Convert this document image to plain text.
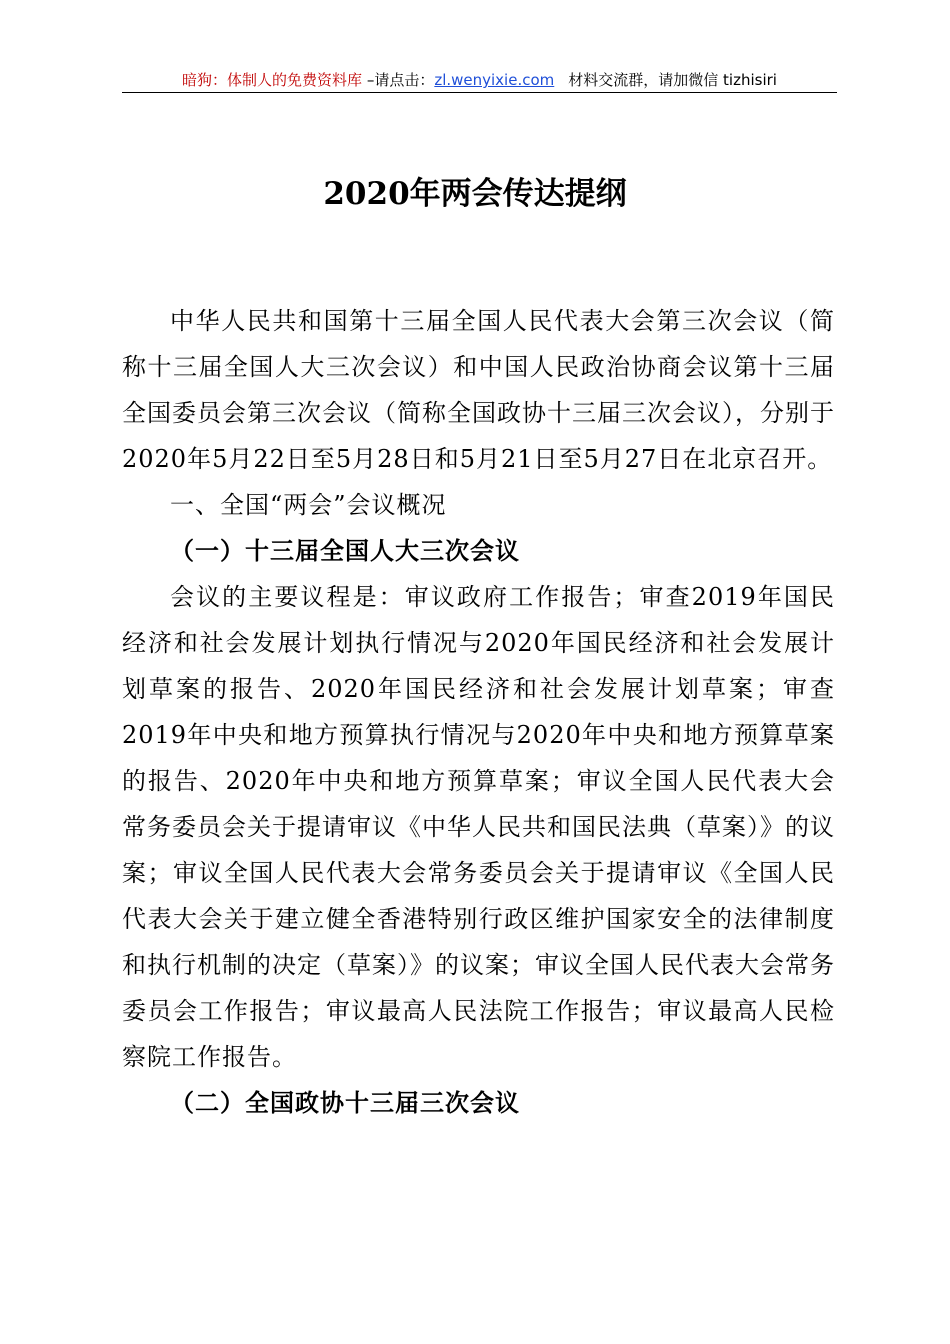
暗狗：体制人的免费资料库 –请点击：zl.wenyixie.com 材料交流群，请加微信 tizhisiri
2020年两会传达提纲

中华人民共和国第十三届全国人民代表大会第三次会议（简称十三届全国人大三次会议）和中国人民政治协商会议第十三届全国委员会第三次会议（简称全国政协十三届三次会议），分别于2020年5月22日至5月28日和5月21日至5月27日在北京召开。

一、全国“两会”会议概况

（一）十三届全国人大三次会议

会议的主要议程是：审议政府工作报告；审查2019年国民经济和社会发展计划执行情况与2020年国民经济和社会发展计划草案的报告、2020年国民经济和社会发展计划草案；审查2019年中央和地方预算执行情况与2020年中央和地方预算草案的报告、2020年中央和地方预算草案；审议全国人民代表大会常务委员会关于提请审议《中华人民共和国民法典（草案）》的议案；审议全国人民代表大会常务委员会关于提请审议《全国人民代表大会关于建立健全香港特别行政区维护国家安全的法律制度和执行机制的决定（草案）》的议案；审议全国人民代表大会常务委员会工作报告；审议最高人民法院工作报告；审议最高人民检察院工作报告。

（二）全国政协十三届三次会议
